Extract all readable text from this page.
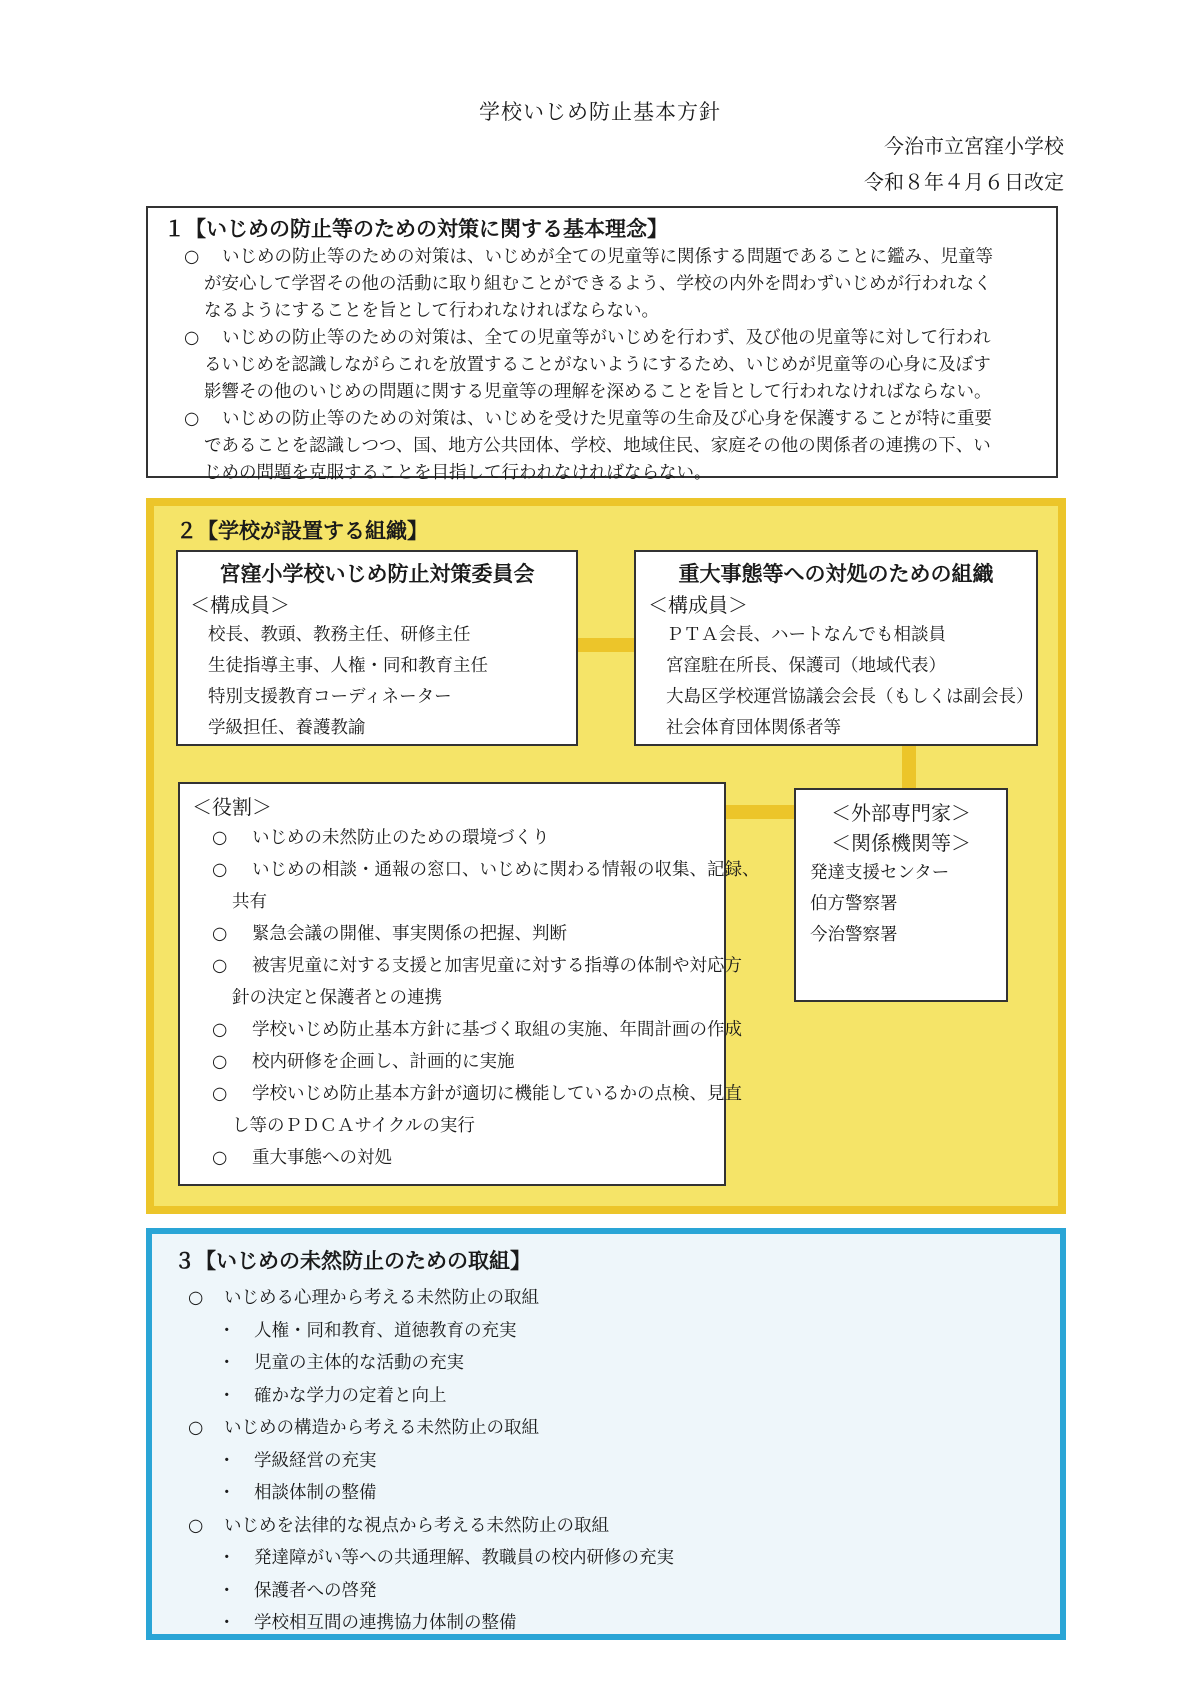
学校いじめ防止基本方針
今治市立宮窪小学校
令和８年４月６日改定
１【いじめの防止等のための対策に関する基本理念】
○ いじめの防止等のための対策は、いじめが全ての児童等に関係する問題であることに鑑み、児童等
が安心して学習その他の活動に取り組むことができるよう、学校の内外を問わずいじめが行われなく
なるようにすることを旨として行われなければならない。
○ いじめの防止等のための対策は、全ての児童等がいじめを行わず、及び他の児童等に対して行われ
るいじめを認識しながらこれを放置することがないようにするため、いじめが児童等の心身に及ぼす
影響その他のいじめの問題に関する児童等の理解を深めることを旨として行われなければならない。
○ いじめの防止等のための対策は、いじめを受けた児童等の生命及び心身を保護することが特に重要
であることを認識しつつ、国、地方公共団体、学校、地域住民、家庭その他の関係者の連携の下、い
じめの問題を克服することを目指して行われなければならない。
２【学校が設置する組織】
宮窪小学校いじめ防止対策委員会
＜構成員＞
校長、教頭、教務主任、研修主任
生徒指導主事、人権・同和教育主任
特別支援教育コーディネーター
学級担任、養護教諭
重大事態等への対処のための組織
＜構成員＞
ＰＴＡ会長、ハートなんでも相談員
宮窪駐在所長、保護司（地域代表）
大島区学校運営協議会会長（もしくは副会長）
社会体育団体関係者等
＜役割＞
○ いじめの未然防止のための環境づくり
○ いじめの相談・通報の窓口、いじめに関わる情報の収集、記録、
共有
○ 緊急会議の開催、事実関係の把握、判断
○ 被害児童に対する支援と加害児童に対する指導の体制や対応方
針の決定と保護者との連携
○ 学校いじめ防止基本方針に基づく取組の実施、年間計画の作成
○ 校内研修を企画し、計画的に実施
○ 学校いじめ防止基本方針が適切に機能しているかの点検、見直
し等のＰＤＣＡサイクルの実行
○ 重大事態への対処
＜外部専門家＞
＜関係機関等＞
発達支援センター
伯方警察署
今治警察署
３【いじめの未然防止のための取組】
○ いじめる心理から考える未然防止の取組
・ 人権・同和教育、道徳教育の充実
・ 児童の主体的な活動の充実
・ 確かな学力の定着と向上
○ いじめの構造から考える未然防止の取組
・ 学級経営の充実
・ 相談体制の整備
○ いじめを法律的な視点から考える未然防止の取組
・ 発達障がい等への共通理解、教職員の校内研修の充実
・ 保護者への啓発
・ 学校相互間の連携協力体制の整備
